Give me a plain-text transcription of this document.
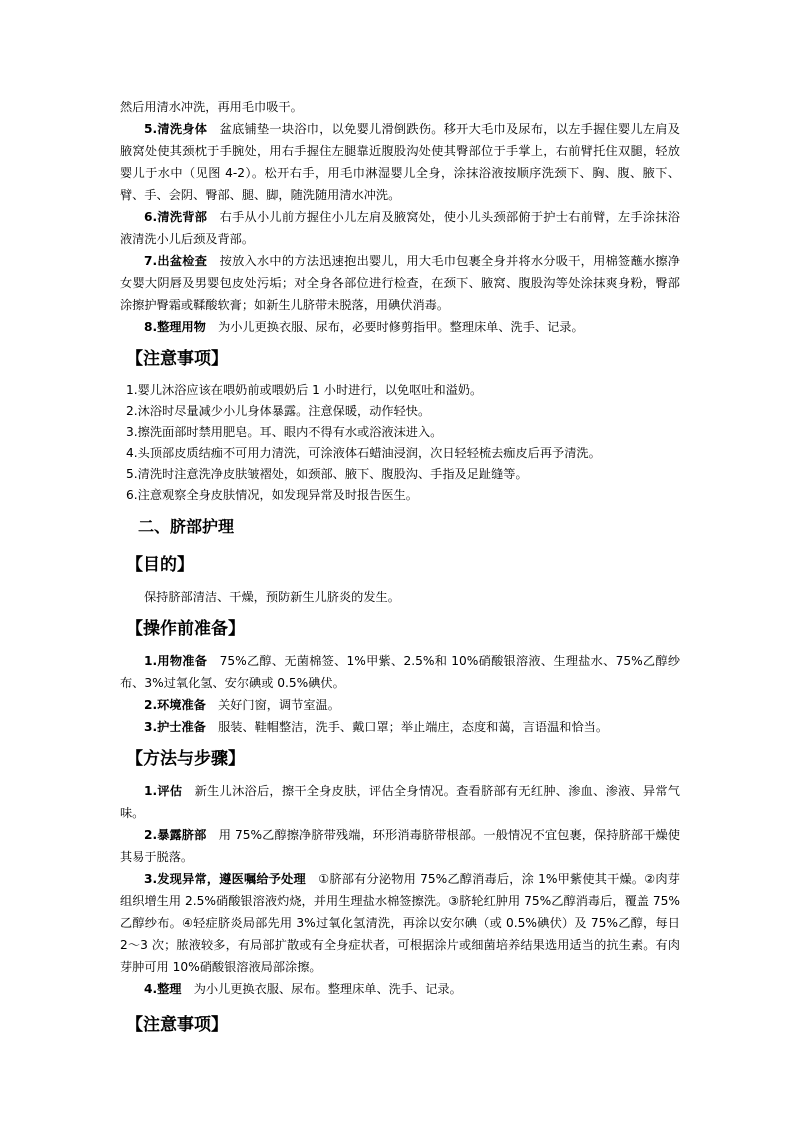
然后用清水冲洗，再用毛巾吸干。

5.清洗身体　 盆底铺垫一块浴巾，以免婴儿滑倒跌伤。移开大毛巾及尿布，以左手握住婴儿左肩及腋窝处使其颈枕于手腕处，用右手握住左腿靠近腹股沟处使其臀部位于手掌上，右前臂托住双腿，轻放婴儿于水中（见图 4-2）。松开右手，用毛巾淋湿婴儿全身，涂抹浴液按顺序洗颈下、胸、腹、腋下、臂、手、会阴、臀部、腿、脚，随洗随用清水冲洗。

6.清洗背部　 右手从小儿前方握住小儿左肩及腋窝处，使小儿头颈部俯于护士右前臂，左手涂抹浴液清洗小儿后颈及背部。

7.出盆检查　 按放入水中的方法迅速抱出婴儿，用大毛巾包裹全身并将水分吸干，用棉签蘸水擦净女婴大阴唇及男婴包皮处污垢；对全身各部位进行检查，在颈下、腋窝、腹股沟等处涂抹爽身粉，臀部涂擦护臀霜或鞣酸软膏；如新生儿脐带未脱落，用碘伏消毒。

8.整理用物　 为小儿更换衣服、尿布，必要时修剪指甲。整理床单、洗手、记录。

【注意事项】

1.婴儿沐浴应该在喂奶前或喂奶后 1 小时进行，以免呕吐和溢奶。

2.沐浴时尽量减少小儿身体暴露。注意保暖，动作轻快。

3.擦洗面部时禁用肥皂。耳、眼内不得有水或浴液沫进入。

4.头顶部皮质结痂不可用力清洗，可涂液体石蜡油浸润，次日轻轻梳去痂皮后再予清洗。

5.清洗时注意洗净皮肤皱褶处，如颈部、腋下、腹股沟、手指及足趾缝等。

6.注意观察全身皮肤情况，如发现异常及时报告医生。

二、脐部护理
【目的】

保持脐部清洁、干燥，预防新生儿脐炎的发生。

【操作前准备】

1.用物准备　 75%乙醇、无菌棉签、1%甲紫、2.5%和 10%硝酸银溶液、生理盐水、75%乙醇纱布、3%过氧化氢、安尔碘或 0.5%碘伏。

2.环境准备　 关好门窗，调节室温。

3.护士准备　 服装、鞋帽整洁，洗手、戴口罩；举止端庄，态度和蔼，言语温和恰当。

【方法与步骤】

1.评估　 新生儿沐浴后，擦干全身皮肤，评估全身情况。查看脐部有无红肿、渗血、渗液、异常气味。

2.暴露脐部　 用 75%乙醇擦净脐带残端，环形消毒脐带根部。一般情况不宜包裹，保持脐部干燥使其易于脱落。

3.发现异常，遵医嘱给予处理　 ①脐部有分泌物用 75%乙醇消毒后，涂 1%甲紫使其干燥。②肉芽组织增生用 2.5%硝酸银溶液灼烧，并用生理盐水棉签擦洗。③脐轮红肿用 75%乙醇消毒后，覆盖 75%乙醇纱布。④轻症脐炎局部先用 3%过氧化氢清洗，再涂以安尔碘（或 0.5%碘伏）及 75%乙醇，每日 2～3 次；脓液较多，有局部扩散或有全身症状者，可根据涂片或细菌培养结果选用适当的抗生素。有肉芽肿可用 10%硝酸银溶液局部涂擦。

4.整理　 为小儿更换衣服、尿布。整理床单、洗手、记录。

【注意事项】
